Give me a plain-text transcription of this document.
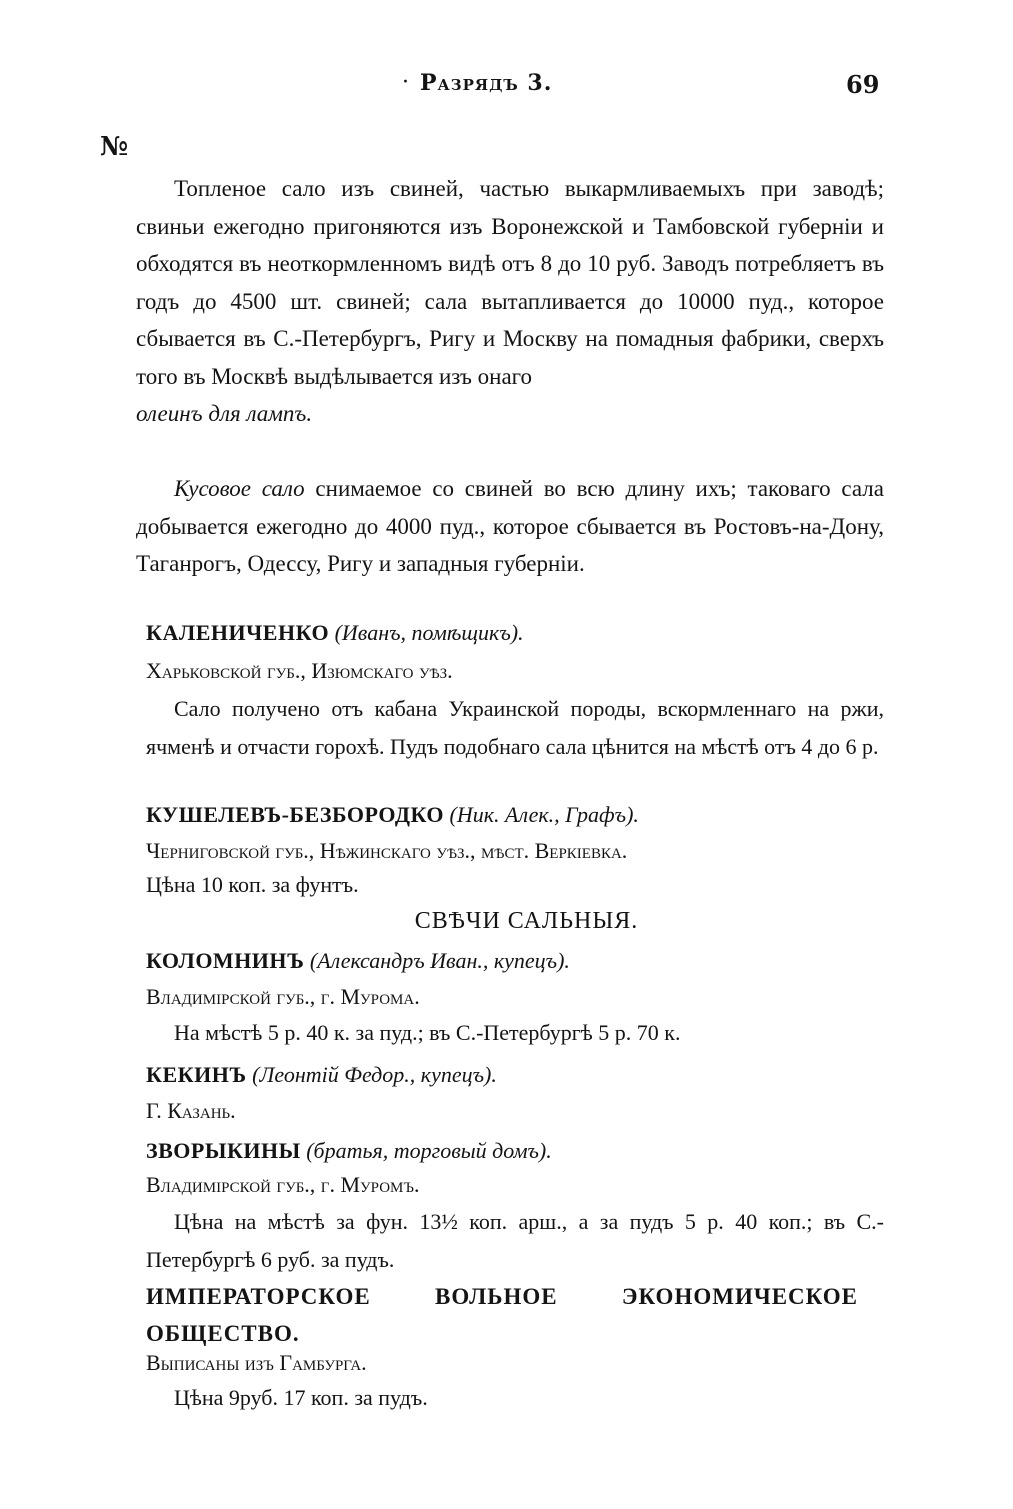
· Разрядъ 3.	69
№

Топленое сало изъ свиней, частью выкармливаемыхъ при заводѣ; свиньи ежегодно пригоняются изъ Воронежской и Тамбовской губерніи и обходятся въ неоткормленномъ видѣ отъ 8 до 10 руб. Заводъ потребляетъ въ годъ до 4500 шт. свиней; сала вытапливается до 10000 пуд., которое сбывается въ С.-Петербургъ, Ригу и Москву на помадныя фабрики, сверхъ того въ Москвѣ выдѣлывается изъ онаго

олеинъ для лампъ.

Кусовое сало снимаемое со свиней во всю длину ихъ; таковаго сала добывается ежегодно до 4000 пуд., которое сбывается въ Ростовъ-на-Дону, Таганрогъ, Одессу, Ригу и западныя губерніи.

КАЛЕНИЧЕНКО (Иванъ, помѣщикъ).
Харьковской губ., Изюмскаго уѣз.

Сало получено отъ кабана Украинской породы, вскормленнаго на ржи, ячменѣ и отчасти горохѣ. Пудъ подобнаго сала цѣнится на мѣстѣ отъ 4 до 6 р.

КУШЕЛЕВЪ-БЕЗБОРОДКО (Ник. Алек., Графъ).
Черниговской губ., Нѣжинскаго уѣз., мѣст. Веркіевка.
Цѣна 10 коп. за фунтъ.
СВѢЧИ САЛЬНЫЯ.
КОЛОМНИНЪ (Александръ Иван., купецъ).
Владимірской губ., г. Мурома.
На мѣстѣ 5 р. 40 к. за пуд.; въ С.-Петербургѣ 5 р. 70 к.
КЕКИНЪ (Леонтій Федор., купецъ).
Г. Казань.
ЗВОРЫКИНЫ (братья, торговый домъ).
Владимірской губ., г. Муромъ.

Цѣна на мѣстѣ за фун. 13½ коп. арш., а за пудъ 5 р. 40 коп.; въ С.-Петербургѣ 6 руб. за пудъ.

ИМПЕРАТОРСКОЕ ВОЛЬНОЕ ЭКОНОМИЧЕСКОЕ ОБЩЕСТВО.
Выписаны изъ Гамбурга.
Цѣна 9руб. 17 коп. за пудъ.
